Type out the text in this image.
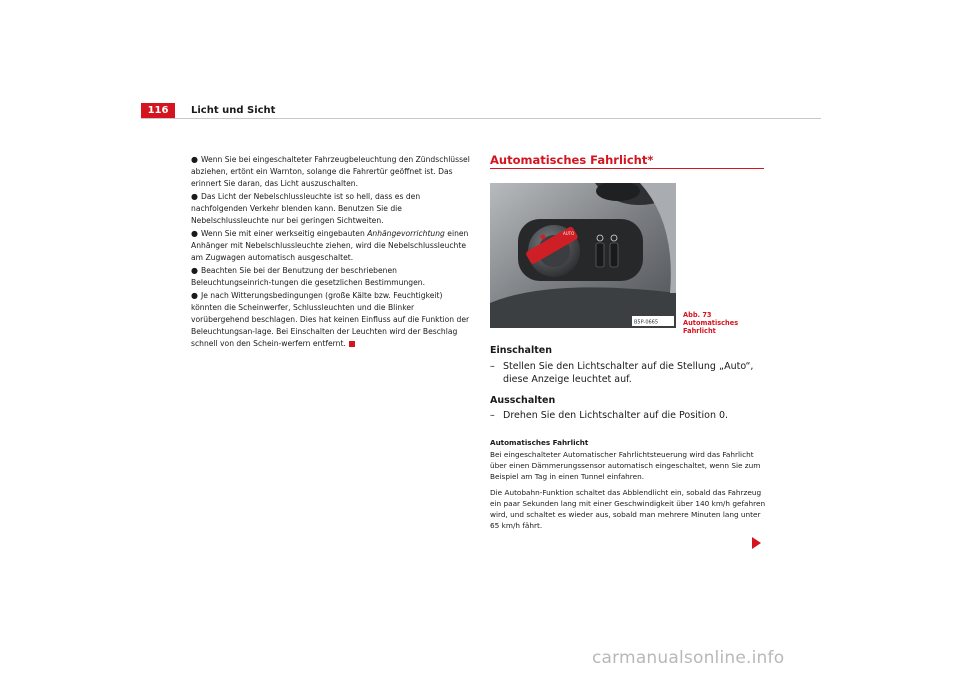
116	Licht und Sicht

● Wenn Sie bei eingeschalteter Fahrzeugbeleuchtung den Zündschlüssel abziehen, ertönt ein Warnton, solange die Fahrertür geöffnet ist. Das erinnert Sie daran, das Licht auszuschalten.

● Das Licht der Nebelschlussleuchte ist so hell, dass es den nachfolgenden Verkehr blenden kann. Benutzen Sie die Nebelschlussleuchte nur bei geringen Sichtweiten.

● Wenn Sie mit einer werkseitig eingebauten Anhängevorrichtung einen Anhänger mit Nebelschlussleuchte ziehen, wird die Nebelschlussleuchte am Zugwagen automatisch ausgeschaltet.

● Beachten Sie bei der Benutzung der beschriebenen Beleuchtungseinrich-tungen die gesetzlichen Bestimmungen.

● Je nach Witterungsbedingungen (große Kälte bzw. Feuchtigkeit) könnten die Scheinwerfer, Schlussleuchten und die Blinker vorübergehend beschlagen. Dies hat keinen Einfluss auf die Funktion der Beleuchtungsan-lage. Bei Einschalten der Leuchten wird der Beschlag schnell von den Schein-werfern entfernt.

Automatisches Fahrlicht*
AUTO
B5P-0665
Abb. 73 Automatisches
Fahrlicht
Einschalten
– Stellen Sie den Lichtschalter auf die Stellung „Auto“, diese Anzeige leuchtet auf.
Ausschalten
– Drehen Sie den Lichtschalter auf die Position 0.
Automatisches Fahrlicht
Bei eingeschalteter Automatischer Fahrlichtsteuerung wird das Fahrlicht über einen Dämmerungssensor automatisch eingeschaltet, wenn Sie zum Beispiel am Tag in einen Tunnel einfahren.
Die Autobahn-Funktion schaltet das Abblendlicht ein, sobald das Fahrzeug ein paar Sekunden lang mit einer Geschwindigkeit über 140 km/h gefahren wird, und schaltet es wieder aus, sobald man mehrere Minuten lang unter 65 km/h fährt.
carmanualsonline.info
